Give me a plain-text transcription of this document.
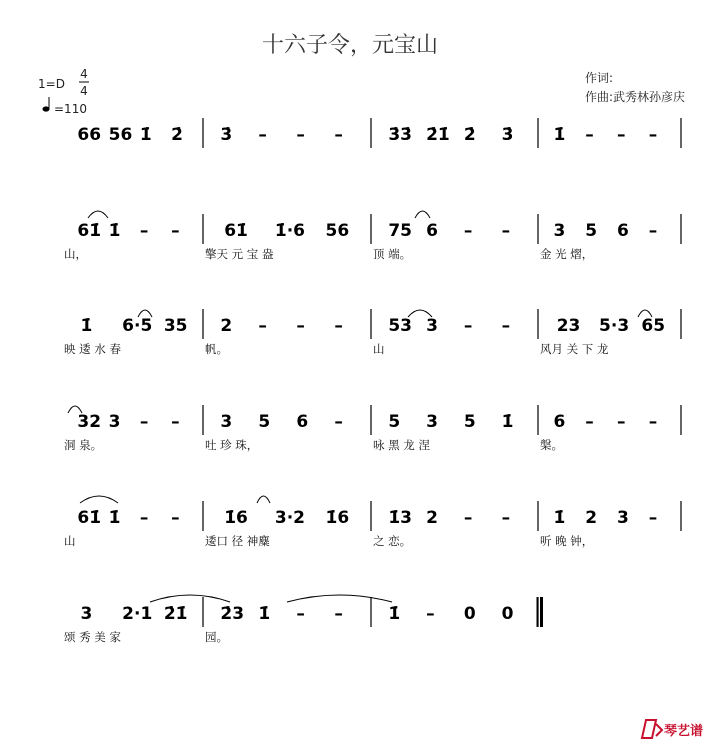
十六子令，元宝山
1=D
4
4
=110
作词:
作曲:武秀林孙彦庆
66 56 1̇ 2̇ 3̇ – – –	3̇3̇ 2̇1̇ 2̇ 3̇ 1̇ – – –
61̇ 1̇ – –	61̇ 1̇·6 56 75 6 – –	3 5 6 –
山，	擎天 元 宝 盎	顶 端。	金 光 熠，
1̇ 6·5 35 2 – – –	53 3 – –	23 5·3 65
映 逶 水 春	帆。	山	风月 关 下 龙
32 3 – – 3 5 6 –	5 3 5 1̇ 6 – – –
洞 泉。	吐 珍 珠，	咏 黑 龙 涅	槃。
61̇ 1̇ – –	1̇6 3·2 1̇6 1̇3 2 – –	1̇ 2 3 –
山	逶口 径 神麋	之 恋。	听 晚 钟，
3 2·1 2̇1̇ 2̇3 1̇ – –	1̇ – 0 0
颂 秀 美 家	园。
琴艺谱
